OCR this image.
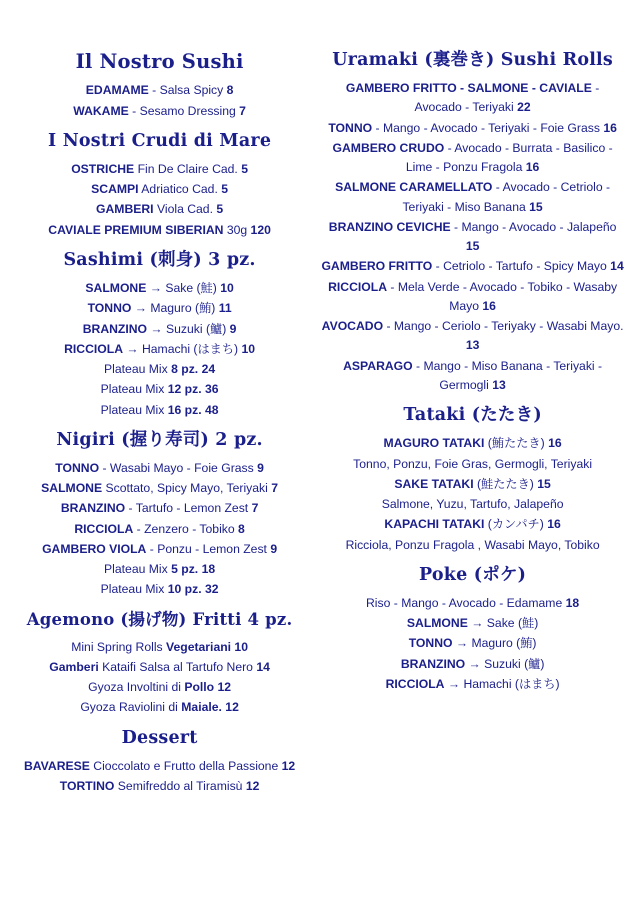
Il Nostro Sushi
EDAMAME - Salsa Spicy 8
WAKAME - Sesamo Dressing 7
I Nostri Crudi di Mare
OSTRICHE Fin De Claire Cad. 5
SCAMPI Adriatico Cad. 5
GAMBERI Viola Cad. 5
CAVIALE PREMIUM SIBERIAN 30g 120
Sashimi (刺身) 3 pz.
SALMONE → Sake (鮭) 10
TONNO → Maguro (鮪) 11
BRANZINO → Suzuki (鱸) 9
RICCIOLA → Hamachi (はまち) 10
Plateau Mix 8 pz. 24
Plateau Mix 12 pz. 36
Plateau Mix 16 pz. 48
Nigiri (握り寿司) 2 pz.
TONNO - Wasabi Mayo - Foie Grass 9
SALMONE Scottato, Spicy Mayo, Teriyaki 7
BRANZINO - Tartufo - Lemon Zest 7
RICCIOLA - Zenzero - Tobiko 8
GAMBERO VIOLA - Ponzu - Lemon Zest 9
Plateau Mix 5 pz. 18
Plateau Mix 10 pz. 32
Agemono (揚げ物) Fritti 4 pz.
Mini Spring Rolls Vegetariani 10
Gamberi Kataifi Salsa al Tartufo Nero 14
Gyoza Involtini di Pollo 12
Gyoza Raviolini di Maiale. 12
Dessert
BAVARESE Cioccolato e Frutto della Passione 12
TORTINO Semifreddo al Tiramisù 12
Uramaki (裏巻き) Sushi Rolls
GAMBERO FRITTO - SALMONE - CAVIALE - Avocado - Teriyaki 22
TONNO - Mango - Avocado - Teriyaki - Foie Grass 16
GAMBERO CRUDO - Avocado - Burrata - Basilico - Lime - Ponzu Fragola 16
SALMONE CARAMELLATO - Avocado - Cetriolo - Teriyaki - Miso Banana 15
BRANZINO CEVICHE - Mango - Avocado - Jalapeño 15
GAMBERO FRITTO - Cetriolo - Tartufo - Spicy Mayo 14
RICCIOLA - Mela Verde - Avocado - Tobiko - Wasaby Mayo 16
AVOCADO - Mango - Ceriolo - Teriyaky - Wasabi Mayo. 13
ASPARAGO - Mango - Miso Banana - Teriyaki -Germogli 13
Tataki (たたき)
MAGURO TATAKI (鮪たたき) 16
Tonno, Ponzu, Foie Gras, Germogli, Teriyaki
SAKE TATAKI (鮭たたき) 15
Salmone, Yuzu, Tartufo, Jalapeño
KAPACHI TATAKI (カンパチ) 16
Ricciola, Ponzu Fragola , Wasabi Mayo, Tobiko
Poke (ポケ)
Riso - Mango - Avocado - Edamame 18
SALMONE → Sake (鮭)
TONNO → Maguro (鮪)
BRANZINO → Suzuki (鱸)
RICCIOLA → Hamachi (はまち)
